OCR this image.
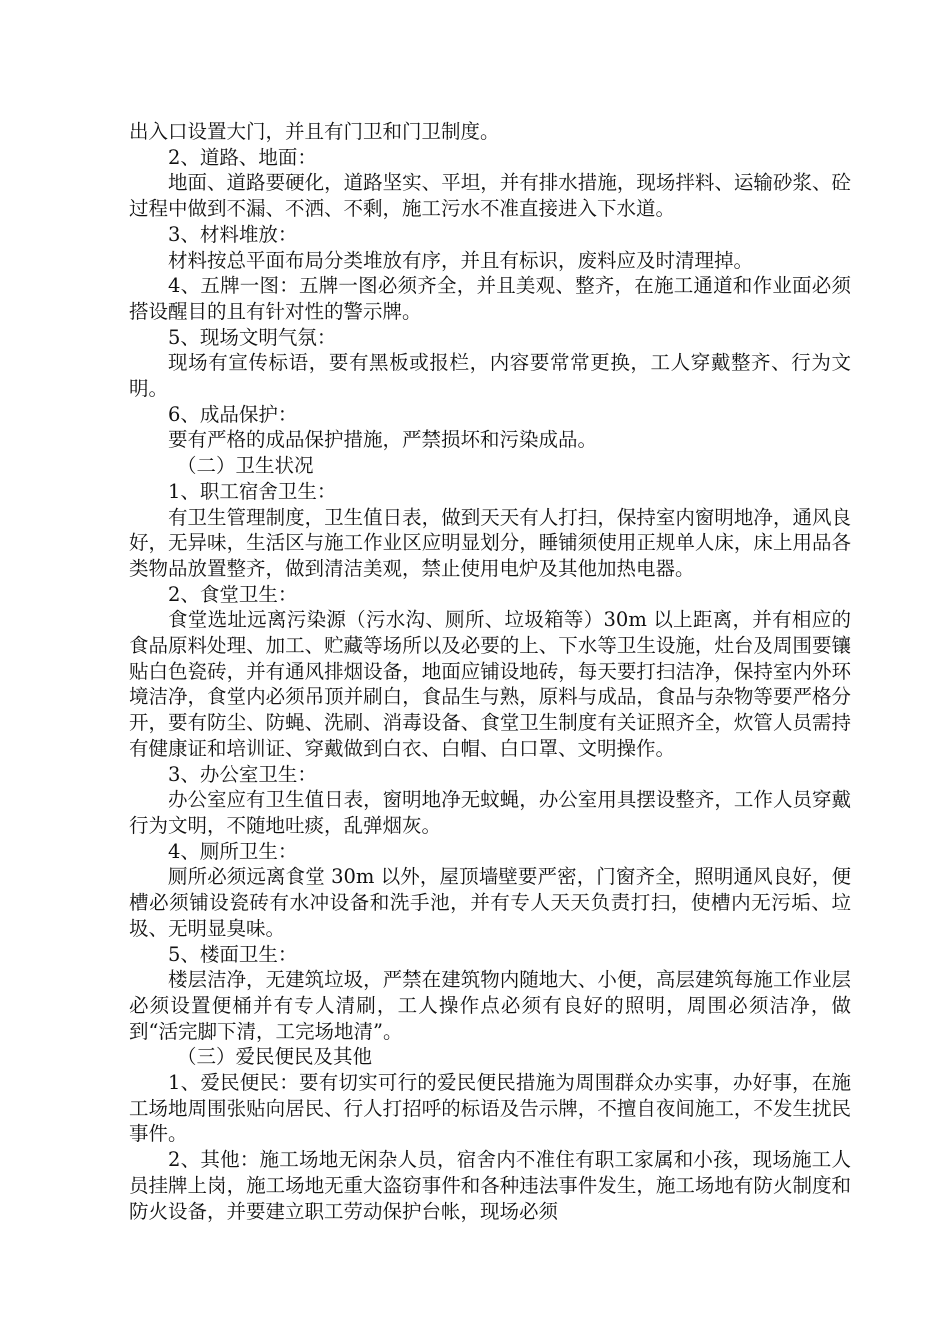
出入口设置大门，并且有门卫和门卫制度。

2、道路、地面：

地面、道路要硬化，道路坚实、平坦，并有排水措施，现场拌料、运输砂浆、砼过程中做到不漏、不洒、不剩，施工污水不准直接进入下水道。

3、材料堆放：

材料按总平面布局分类堆放有序，并且有标识，废料应及时清理掉。

4、五牌一图：五牌一图必须齐全，并且美观、整齐，在施工通道和作业面必须搭设醒目的且有针对性的警示牌。

5、现场文明气氛：

现场有宣传标语，要有黑板或报栏，内容要常常更换，工人穿戴整齐、行为文明。

6、成品保护：

要有严格的成品保护措施，严禁损坏和污染成品。

（二）卫生状况

1、职工宿舍卫生：

有卫生管理制度，卫生值日表，做到天天有人打扫，保持室内窗明地净，通风良好，无异味，生活区与施工作业区应明显划分，睡铺须使用正规单人床，床上用品各类物品放置整齐，做到清洁美观，禁止使用电炉及其他加热电器。

2、食堂卫生：

食堂选址远离污染源（污水沟、厕所、垃圾箱等）30m 以上距离，并有相应的食品原料处理、加工、贮藏等场所以及必要的上、下水等卫生设施，灶台及周围要镶贴白色瓷砖，并有通风排烟设备，地面应铺设地砖，每天要打扫洁净，保持室内外环境洁净，食堂内必须吊顶并刷白，食品生与熟，原料与成品，食品与杂物等要严格分开，要有防尘、防蝇、洗刷、消毒设备、食堂卫生制度有关证照齐全，炊管人员需持有健康证和培训证、穿戴做到白衣、白帽、白口罩、文明操作。

3、办公室卫生：

办公室应有卫生值日表，窗明地净无蚊蝇，办公室用具摆设整齐，工作人员穿戴行为文明，不随地吐痰，乱弹烟灰。

4、厕所卫生：

厕所必须远离食堂 30m 以外，屋顶墙壁要严密，门窗齐全，照明通风良好，便槽必须铺设瓷砖有水冲设备和洗手池，并有专人天天负责打扫，使槽内无污垢、垃圾、无明显臭味。

5、楼面卫生：

楼层洁净，无建筑垃圾，严禁在建筑物内随地大、小便，高层建筑每施工作业层必须设置便桶并有专人清刷，工人操作点必须有良好的照明，周围必须洁净，做到“活完脚下清，工完场地清”。

（三）爱民便民及其他

1、爱民便民：要有切实可行的爱民便民措施为周围群众办实事，办好事，在施工场地周围张贴向居民、行人打招呼的标语及告示牌，不擅自夜间施工，不发生扰民事件。

2、其他：施工场地无闲杂人员，宿舍内不准住有职工家属和小孩，现场施工人员挂牌上岗，施工场地无重大盗窃事件和各种违法事件发生，施工场地有防火制度和防火设备，并要建立职工劳动保护台帐，现场必须
